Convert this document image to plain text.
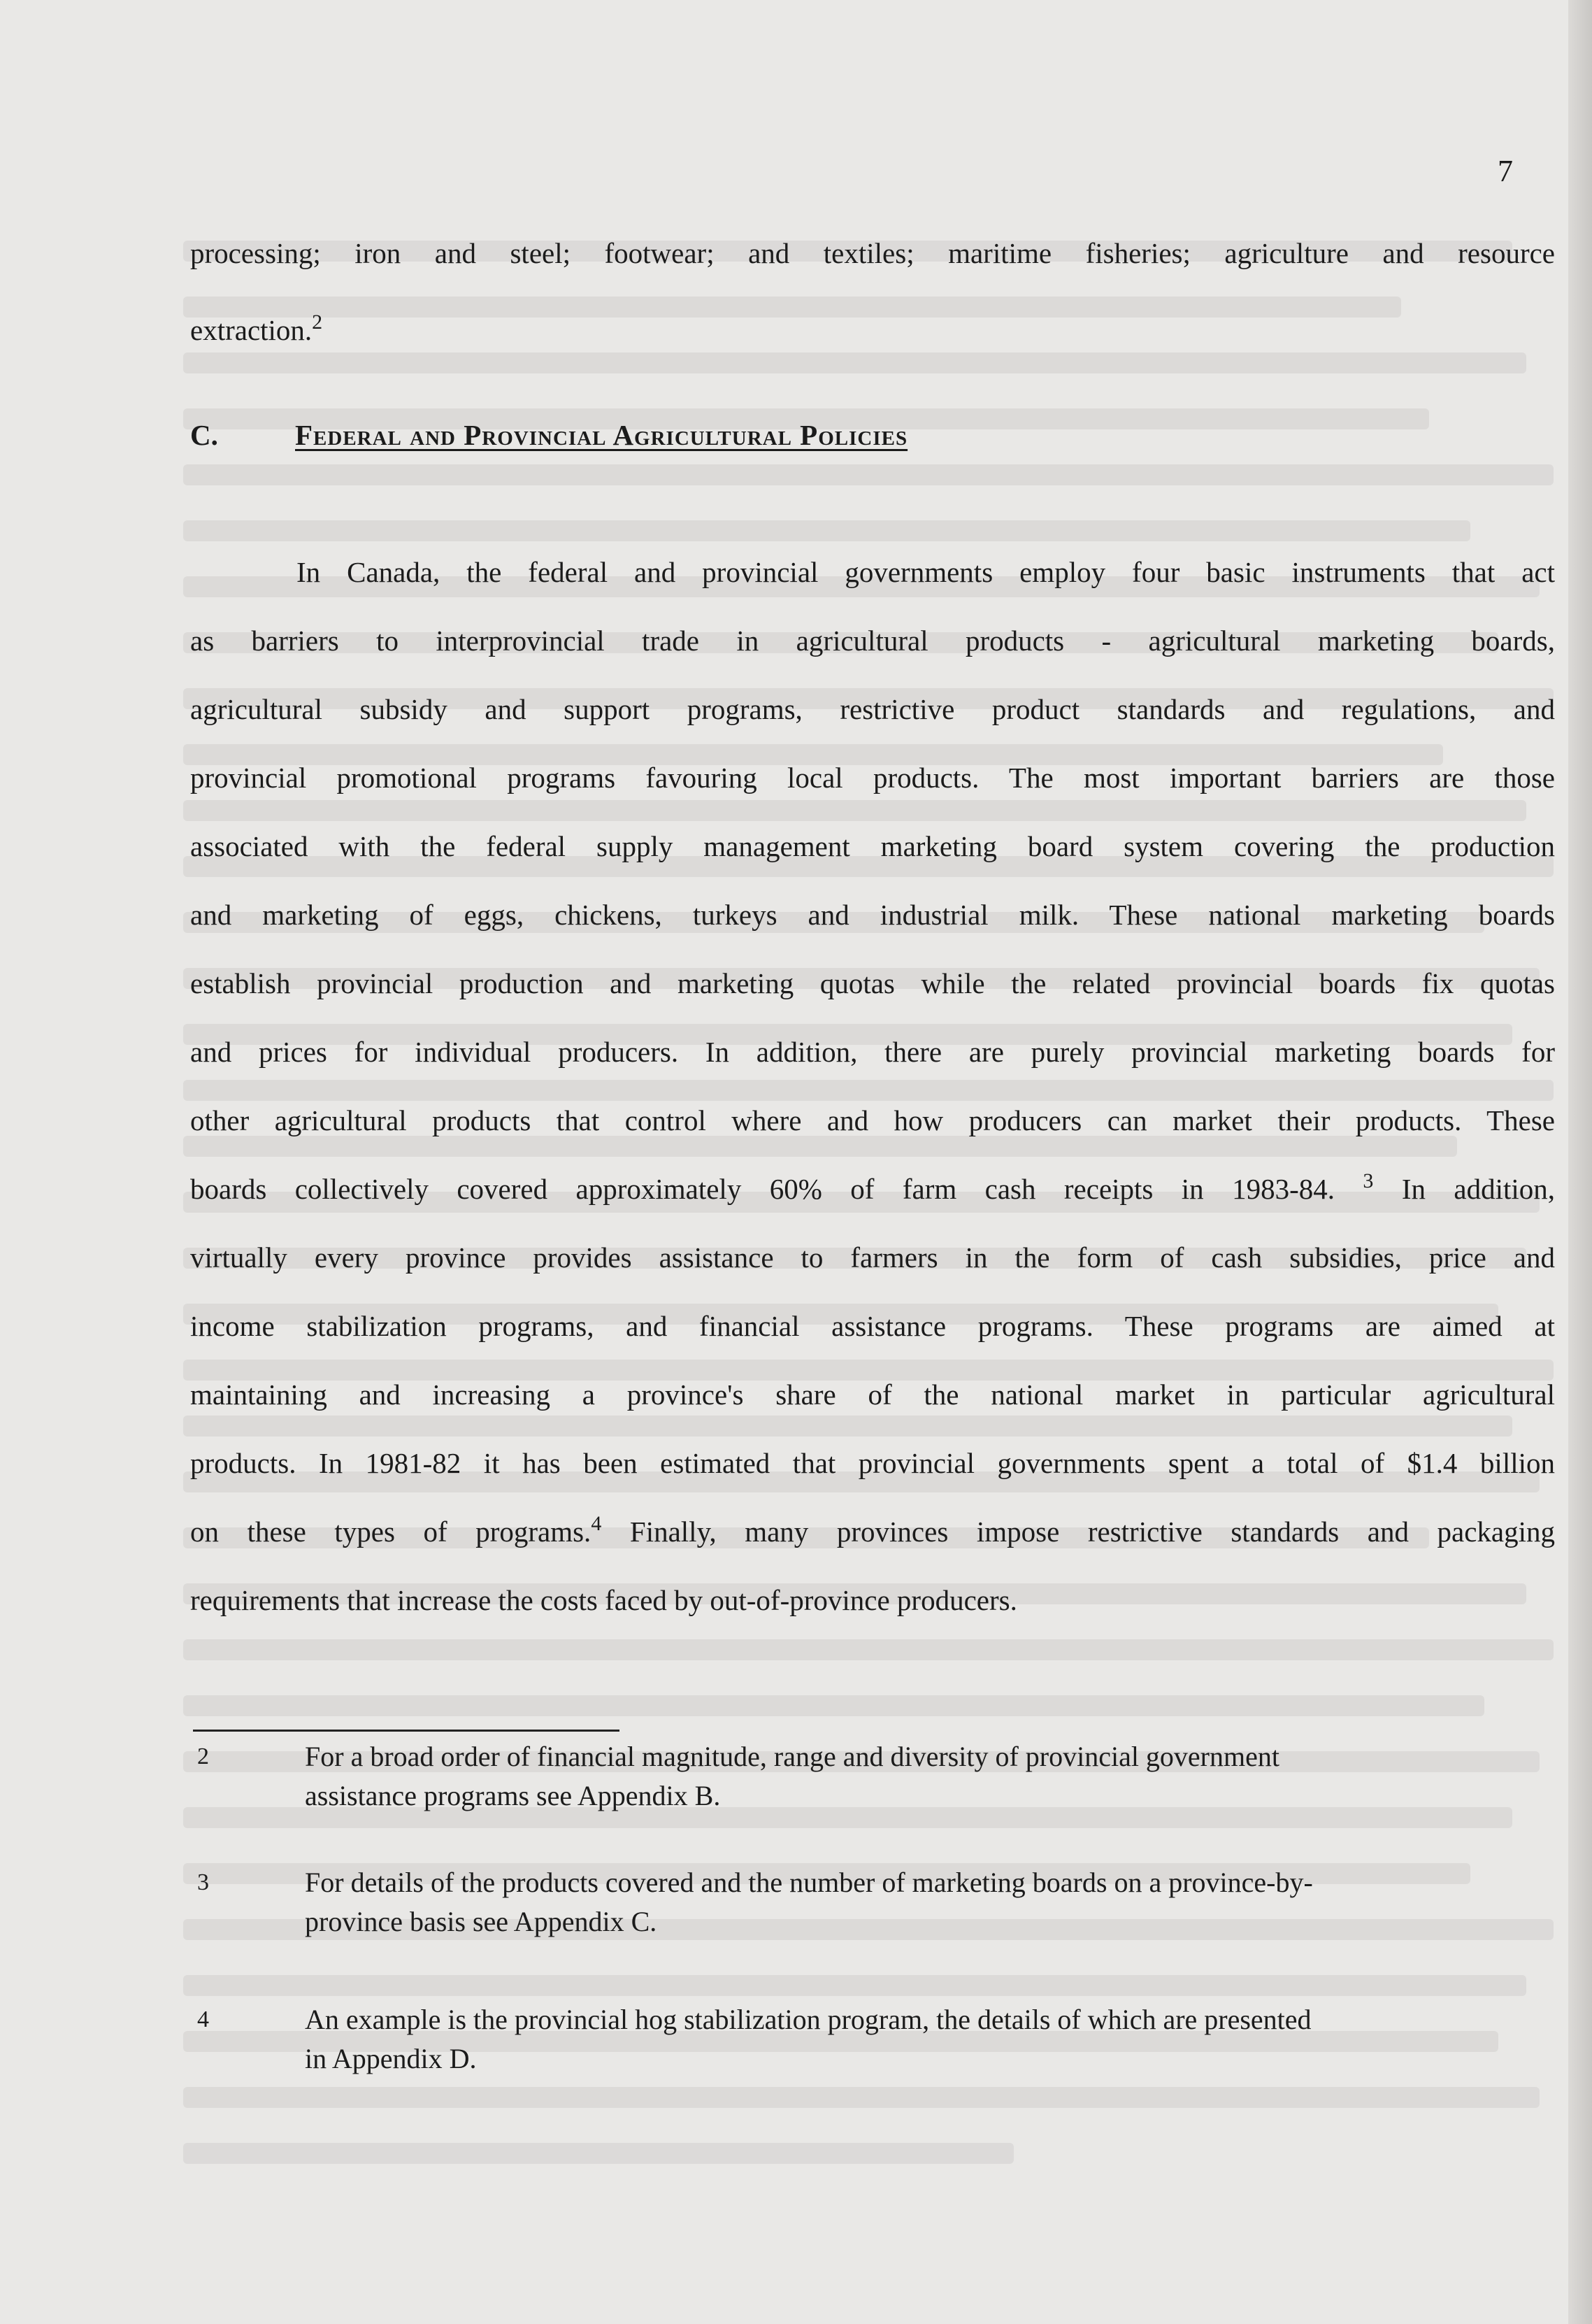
7
processing; iron and steel; footwear; and textiles; maritime fisheries; agriculture and resource
extraction.$^2$
C.	Federal and Provincial Agricultural Policies
In Canada, the federal and provincial governments employ four basic instruments that act
as barriers to interprovincial trade in agricultural products - agricultural marketing boards,
agricultural subsidy and support programs, restrictive product standards and regulations, and
provincial promotional programs favouring local products. The most important barriers are those
associated with the federal supply management marketing board system covering the production
and marketing of eggs, chickens, turkeys and industrial milk. These national marketing boards
establish provincial production and marketing quotas while the related provincial boards fix quotas
and prices for individual producers. In addition, there are purely provincial marketing boards for
other agricultural products that control where and how producers can market their products. These
boards collectively covered approximately 60% of farm cash receipts in 1983-84. $^3$ In addition,
virtually every province provides assistance to farmers in the form of cash subsidies, price and
income stabilization programs, and financial assistance programs. These programs are aimed at
maintaining and increasing a province's share of the national market in particular agricultural
products. In 1981-82 it has been estimated that provincial governments spent a total of $1.4 billion
on these types of programs.$^4$ Finally, many provinces impose restrictive standards and packaging
requirements that increase the costs faced by out-of-province producers.
2	For a broad order of financial magnitude, range and diversity of provincial government
assistance programs see Appendix B.
3	For details of the products covered and the number of marketing boards on a province-by-
province basis see Appendix C.
4	An example is the provincial hog stabilization program, the details of which are presented
in Appendix D.
